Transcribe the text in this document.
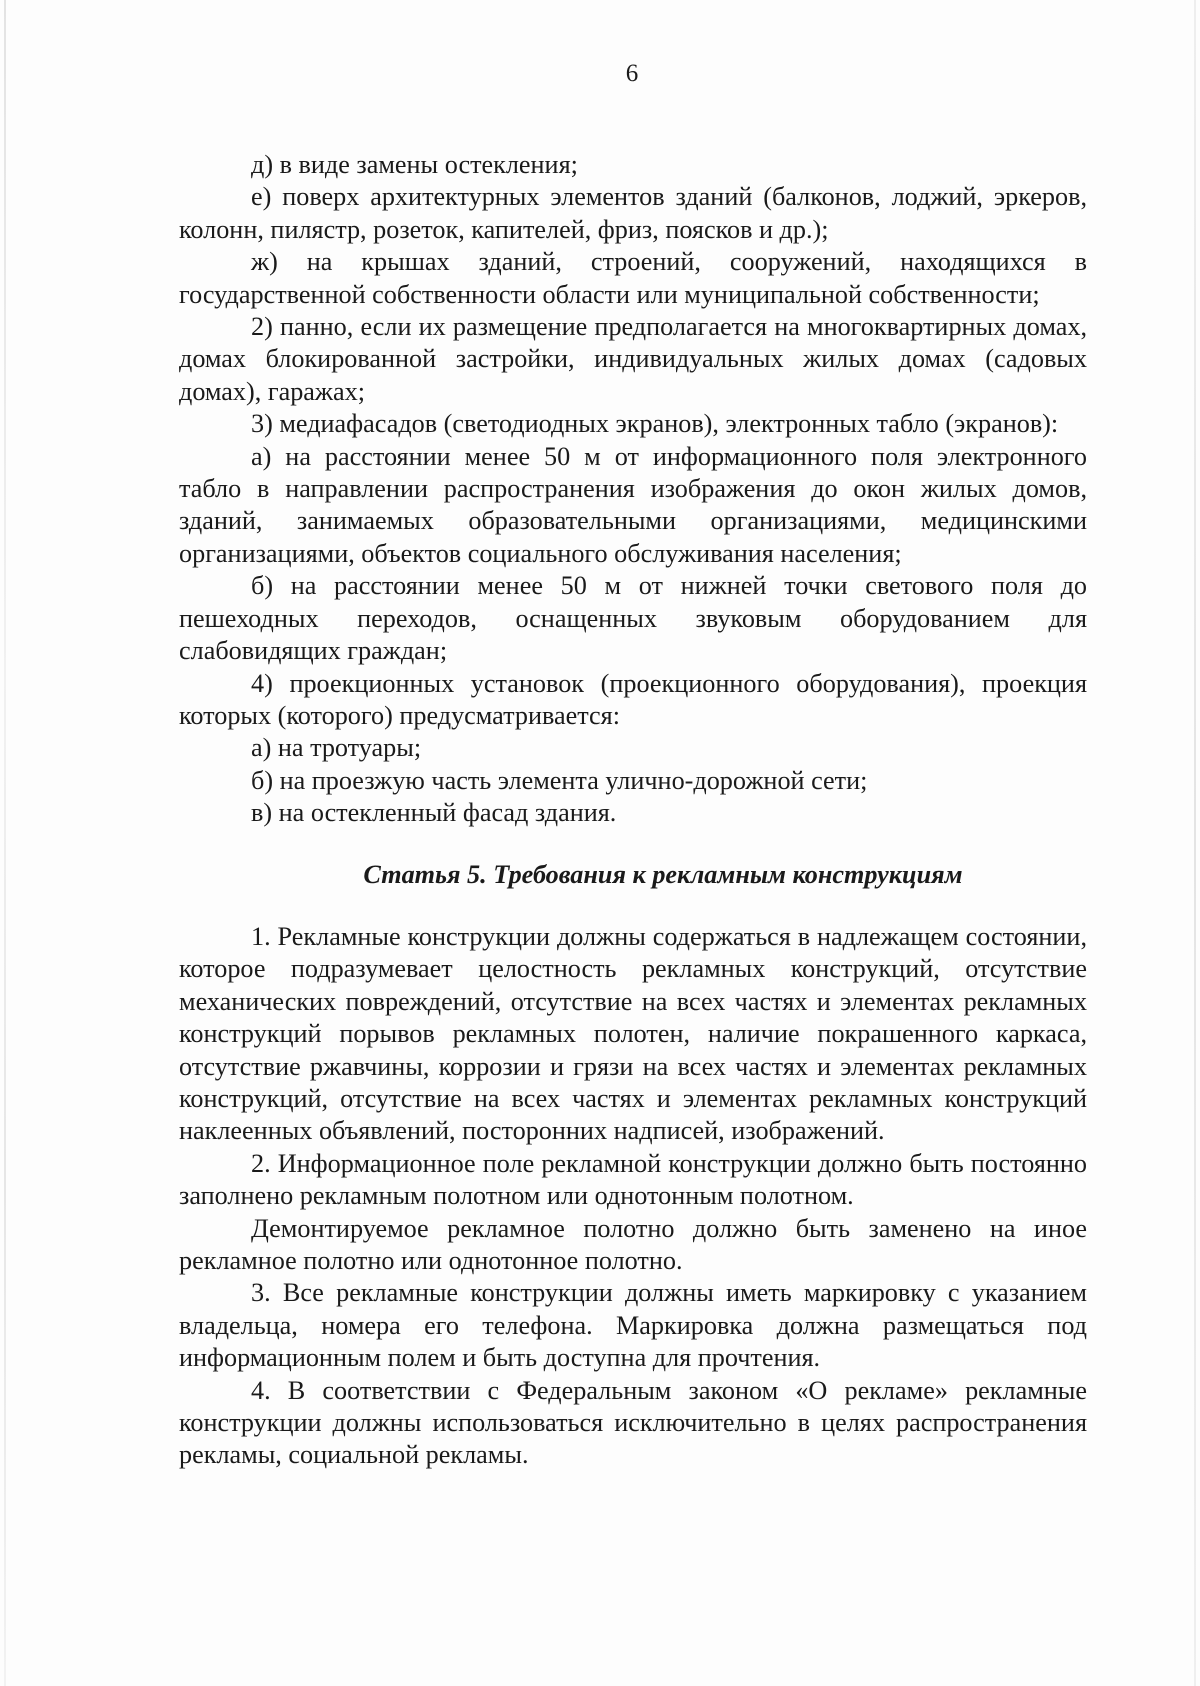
6

д) в виде замены остекления;

е) поверх архитектурных элементов зданий (балконов, лоджий, эркеров, колонн, пилястр, розеток, капителей, фриз, поясков и др.);

ж) на крышах зданий, строений, сооружений, находящихся в государственной собственности области или муниципальной собственности;

2) панно, если их размещение предполагается на многоквартирных домах, домах блокированной застройки, индивидуальных жилых домах (садовых домах), гаражах;

3) медиафасадов (светодиодных экранов), электронных табло (экранов):

а) на расстоянии менее 50 м от информационного поля электронного табло в направлении распространения изображения до окон жилых домов, зданий, занимаемых образовательными организациями, медицинскими организациями, объектов социального обслуживания населения;

б) на расстоянии менее 50 м от нижней точки светового поля до пешеходных переходов, оснащенных звуковым оборудованием для слабовидящих граждан;

4) проекционных установок (проекционного оборудования), проекция которых (которого) предусматривается:

а) на тротуары;

б) на проезжую часть элемента улично-дорожной сети;

в) на остекленный фасад здания.

Статья 5. Требования к рекламным конструкциям

1. Рекламные конструкции должны содержаться в надлежащем состоянии, которое подразумевает целостность рекламных конструкций, отсутствие механических повреждений, отсутствие на всех частях и элементах рекламных конструкций порывов рекламных полотен, наличие покрашенного каркаса, отсутствие ржавчины, коррозии и грязи на всех частях и элементах рекламных конструкций, отсутствие на всех частях и элементах рекламных конструкций наклеенных объявлений, посторонних надписей, изображений.

2. Информационное поле рекламной конструкции должно быть постоянно заполнено рекламным полотном или однотонным полотном.

Демонтируемое рекламное полотно должно быть заменено на иное рекламное полотно или однотонное полотно.

3. Все рекламные конструкции должны иметь маркировку с указанием владельца, номера его телефона. Маркировка должна размещаться под информационным полем и быть доступна для прочтения.

4. В соответствии с Федеральным законом «О рекламе» рекламные конструкции должны использоваться исключительно в целях распространения рекламы, социальной рекламы.
